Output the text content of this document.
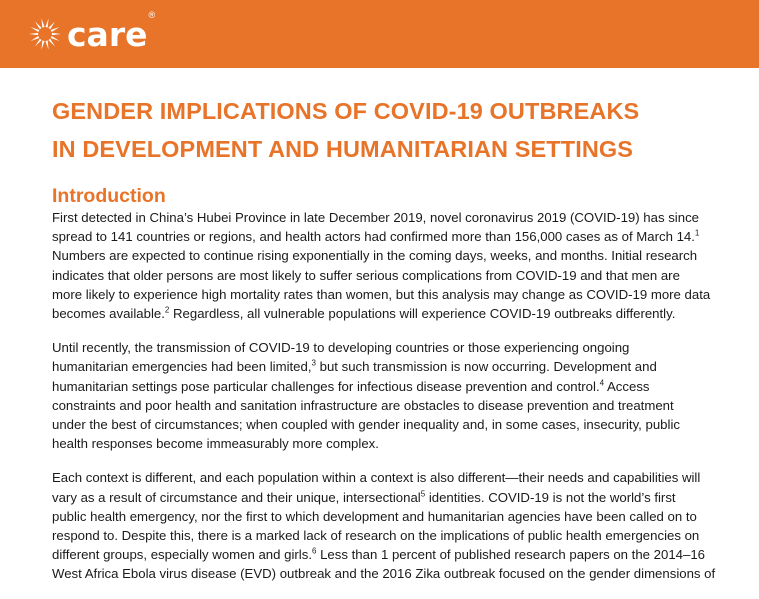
care ®
GENDER IMPLICATIONS OF COVID-19 OUTBREAKS
IN DEVELOPMENT AND HUMANITARIAN SETTINGS
Introduction

First detected in China’s Hubei Province in late December 2019, novel coronavirus 2019 (COVID-19) has since
spread to 141 countries or regions, and health actors had confirmed more than 156,000 cases as of March 14.$^1$
Numbers are expected to continue rising exponentially in the coming days, weeks, and months. Initial research
indicates that older persons are most likely to suffer serious complications from COVID-19 and that men are
more likely to experience high mortality rates than women, but this analysis may change as COVID-19 more data
becomes available.$^2$ Regardless, all vulnerable populations will experience COVID-19 outbreaks differently.

Until recently, the transmission of COVID-19 to developing countries or those experiencing ongoing
humanitarian emergencies had been limited,$^3$ but such transmission is now occurring. Development and
humanitarian settings pose particular challenges for infectious disease prevention and control.$^4$ Access
constraints and poor health and sanitation infrastructure are obstacles to disease prevention and treatment
under the best of circumstances; when coupled with gender inequality and, in some cases, insecurity, public
health responses become immeasurably more complex.

Each context is different, and each population within a context is also different—their needs and capabilities will
vary as a result of circumstance and their unique, intersectional$^5$ identities. COVID-19 is not the world’s first
public health emergency, nor the first to which development and humanitarian agencies have been called on to
respond to. Despite this, there is a marked lack of research on the implications of public health emergencies on
different groups, especially women and girls.$^6$ Less than 1 percent of published research papers on the 2014–16
West Africa Ebola virus disease (EVD) outbreak and the 2016 Zika outbreak focused on the gender dimensions of
